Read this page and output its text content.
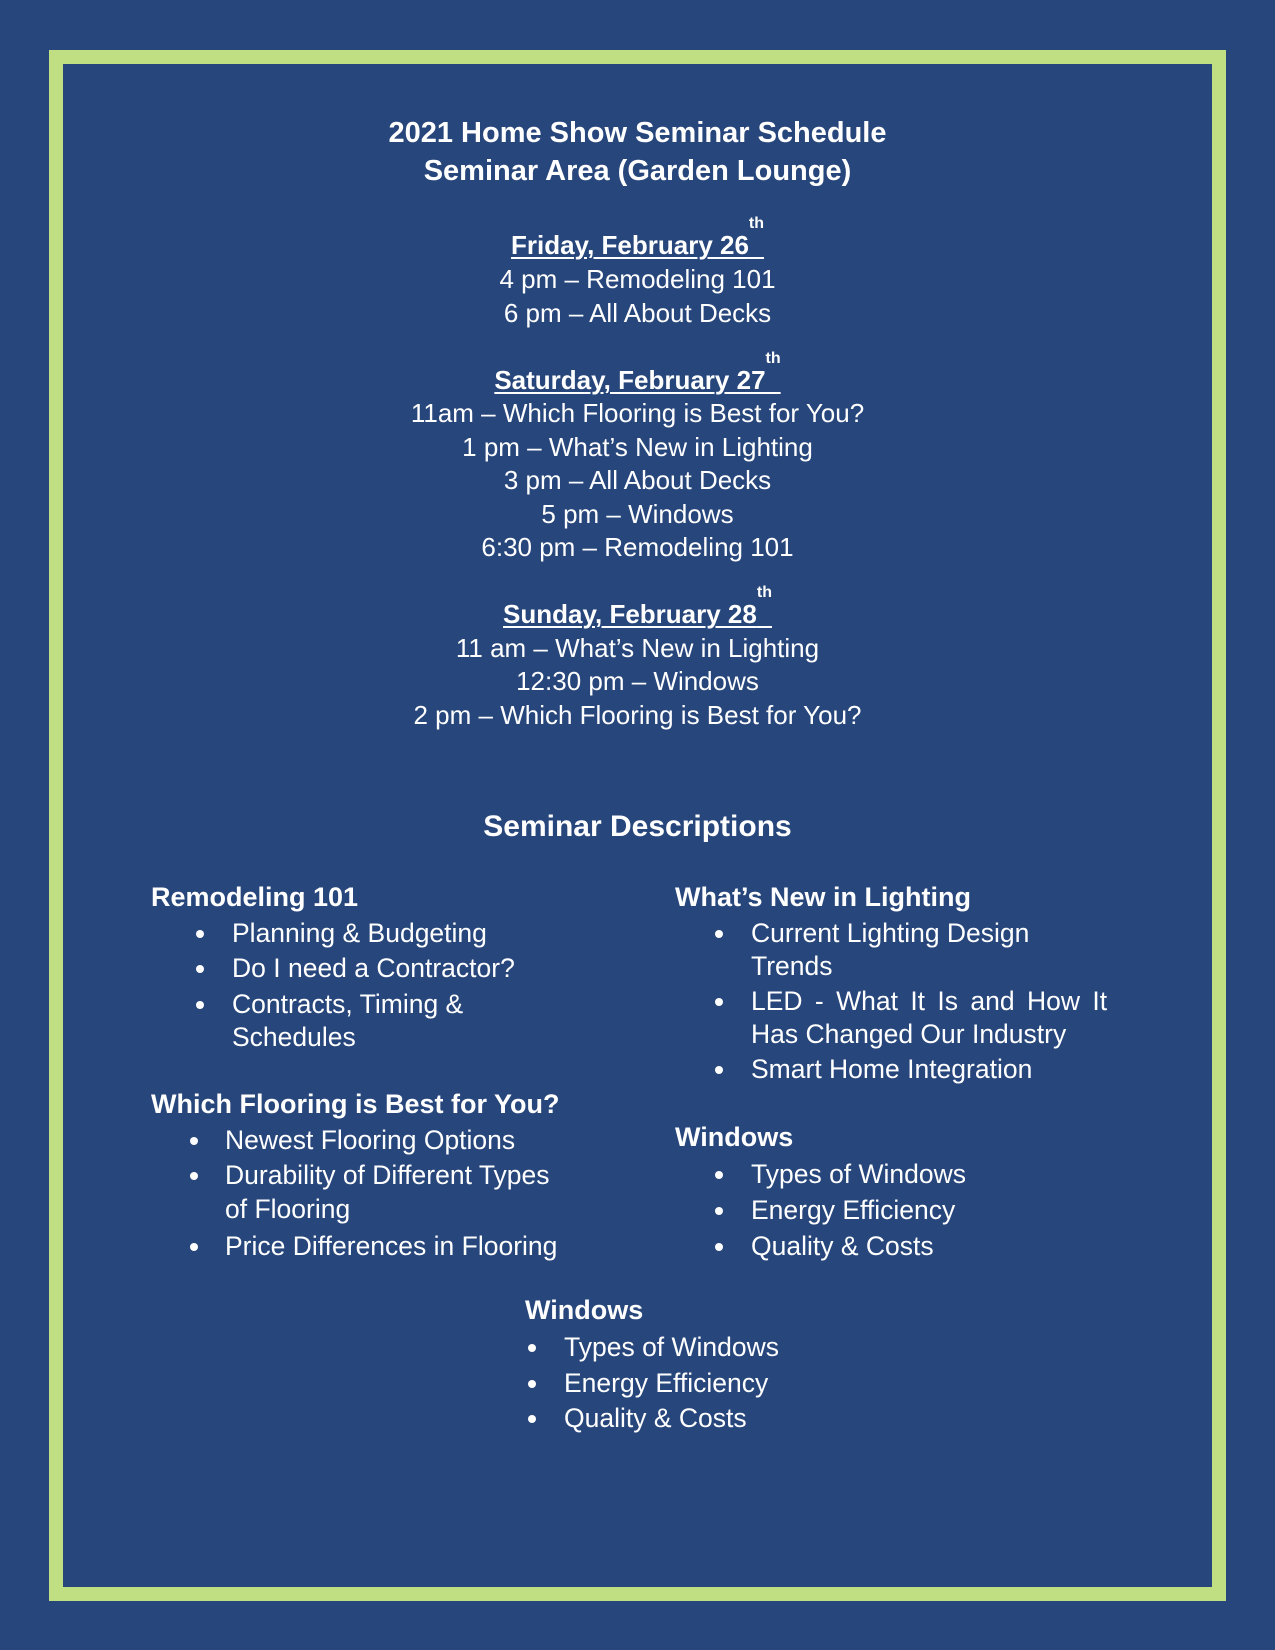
2021 Home Show Seminar Schedule
Seminar Area (Garden Lounge)
Friday, February 26th
4 pm – Remodeling 101
6 pm – All About Decks
Saturday, February 27th
11am – Which Flooring is Best for You?
1 pm – What’s New in Lighting
3 pm – All About Decks
5 pm – Windows
6:30 pm – Remodeling 101
Sunday, February 28th
11 am – What’s New in Lighting
12:30 pm – Windows
2 pm – Which Flooring is Best for You?
Seminar Descriptions
Remodeling 101
Planning & Budgeting
Do I need a Contractor?
Contracts, Timing &
Schedules
Which Flooring is Best for You?
Newest Flooring Options
Durability of Different Types
of Flooring
Price Differences in Flooring
What’s New in Lighting
Current Lighting Design
Trends
LED - What It Is and How It
Has Changed Our Industry
Smart Home Integration
Windows
Types of Windows
Energy Efficiency
Quality & Costs
Windows
Types of Windows
Energy Efficiency
Quality & Costs
